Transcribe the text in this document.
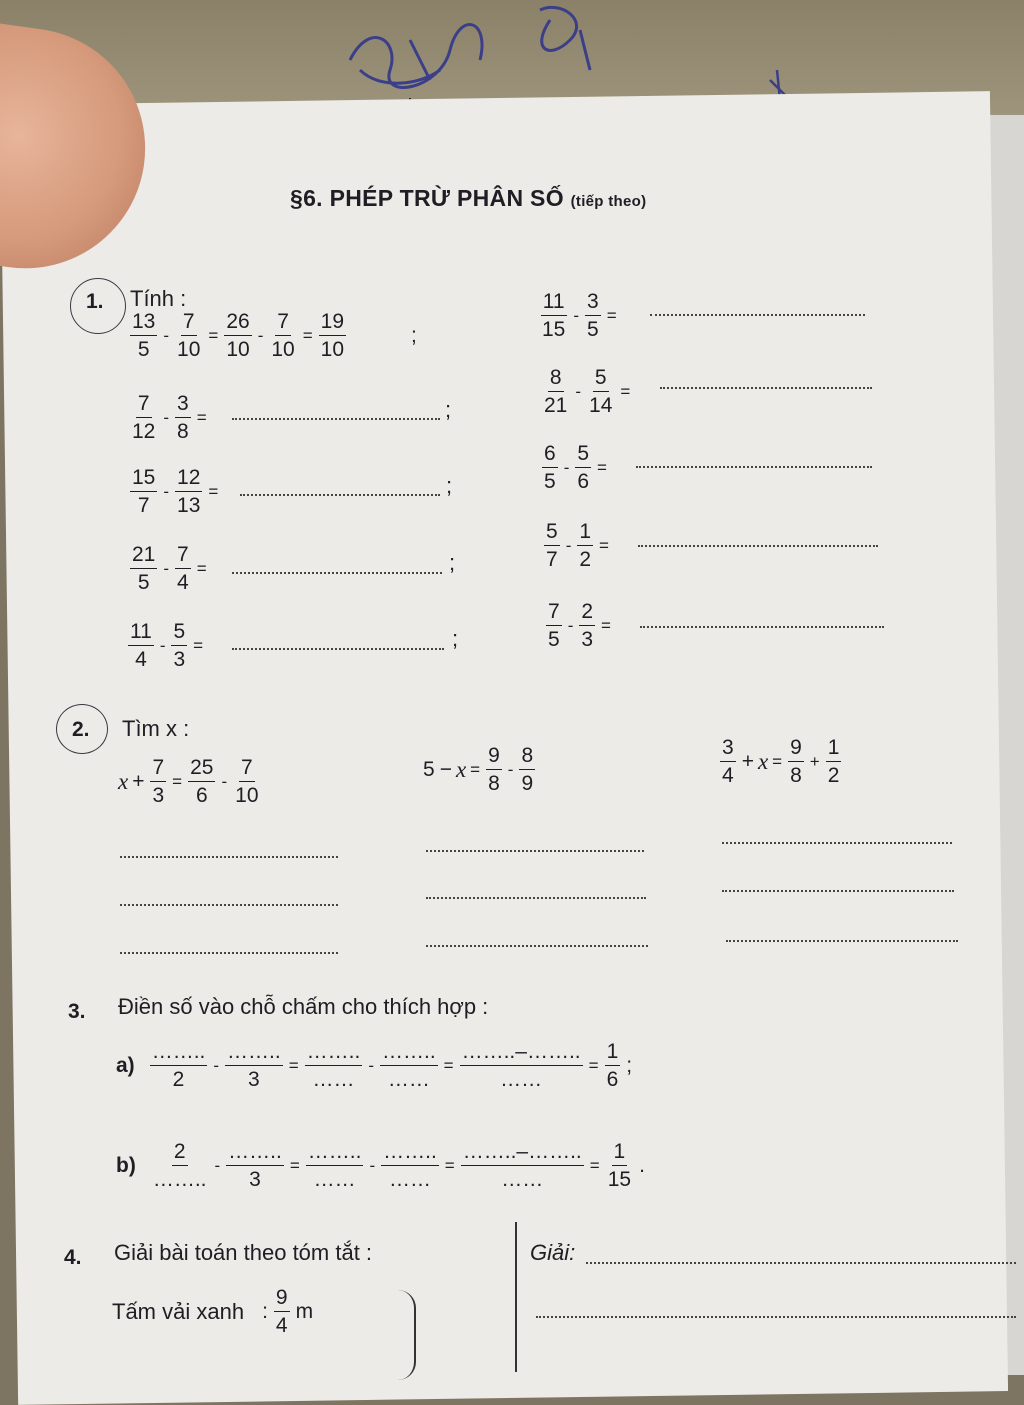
§6. PHÉP TRỪ PHÂN SỐ (tiếp theo)
1. Tính :
$\frac{13}{5} - \frac{7}{10} = \frac{26}{10} - \frac{7}{10} = \frac{19}{10}$	;
$\frac{7}{12} - \frac{3}{8}$ =	;
$\frac{15}{7} - \frac{12}{13}$ =	;
$\frac{21}{5} - \frac{7}{4}$ =	;
$\frac{11}{4} - \frac{5}{3}$ =	;
$\frac{11}{15} - \frac{3}{5}$ =
$\frac{8}{21} - \frac{5}{14}$ =
$\frac{6}{5} - \frac{5}{6}$ =
$\frac{5}{7} - \frac{1}{2}$ =
$\frac{7}{5} - \frac{2}{3}$ =
2. Tìm x :
$x + \frac{7}{3} = \frac{25}{6} - \frac{7}{10}$	$5 - x = \frac{9}{8} - \frac{8}{9}$	$\frac{3}{4} + x = \frac{9}{8} + \frac{1}{2}$
3. Điền số vào chỗ chấm cho thích hợp :
$a) \frac{\dots\dots..}{2} - \frac{\dots\dots..}{3} = \frac{\dots\dots..}{\dots\dots} - \frac{\dots\dots..}{\dots\dots} = \frac{\dots\dots..-\dots\dots..}{\dots\dots} = \frac{1}{6}$ ;
$b) \frac{2}{\dots\dots..} - \frac{\dots\dots..}{3} = \frac{\dots\dots..}{\dots\dots} - \frac{\dots\dots..}{\dots\dots} = \frac{\dots\dots..-\dots\dots..}{\dots\dots} = \frac{1}{15}$ .
4. Giải bài toán theo tóm tắt :	Giải:
Tấm vải xanh : $\frac{9}{4}$ m
